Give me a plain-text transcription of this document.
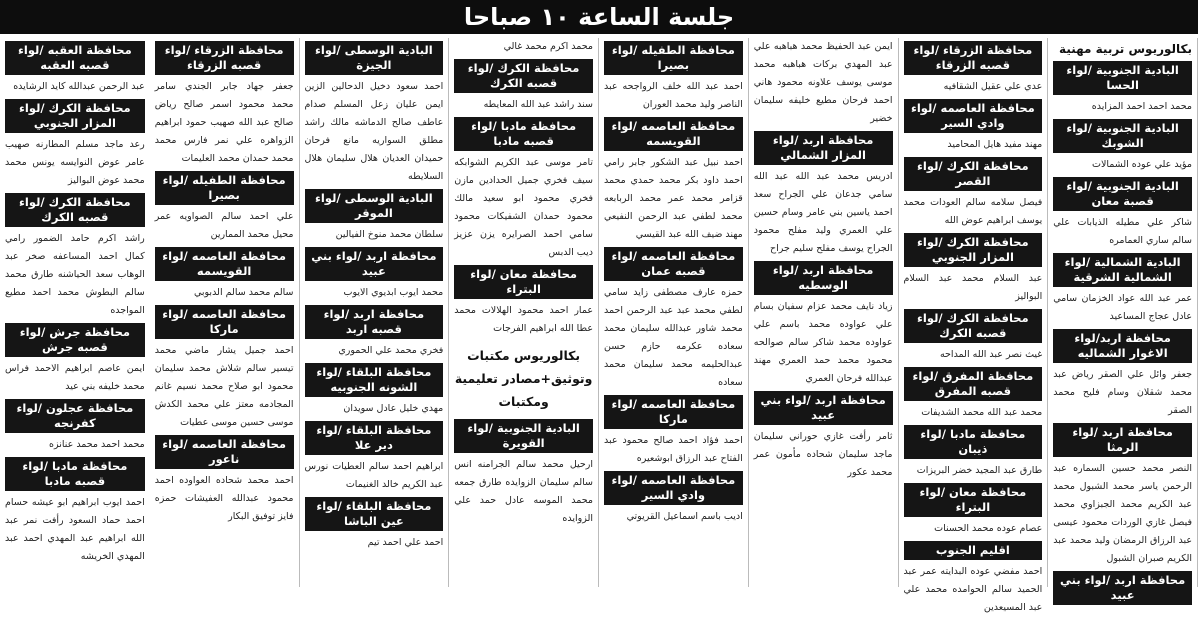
جلسة الساعة ١٠ صباحا
بكالوريوس تربية مهنية
البادية الجنوبية /لواء الحسا
محمد احمد احمد المزايده
البادية الجنوبية /لواء الشوبك
مؤيد علي عوده الشمالات
البادية الجنوبية /لواء قصبة معان
شاكر علي مطيله الذيابات علي سالم ساري العمامره
البادية الشمالية /لواء الشمالية الشرقية
عمر عبد الله عواد الخزمان سامي عادل عجاج المساعيد
محافظة اربد/لواء الاغوار الشماليه
جعفر وائل علي الصقر رياض عبد محمد شقلان وسام فليح محمد الصقر
محافظة اربد /لواء الرمثا
النصر محمد حسين السماره عبد الرحمن ياسر محمد الشبول محمد عبد الكريم محمد الجبزاوي محمد فيصل غازي الوردات محمود عيسى عبد الرزاق الرمضان وليد محمد عبد الكريم صبران الشبول
محافظة اربد /لواء بني عبيد
محافظة الزرقاء /لواء قصبه الزرقاء
عدي علي عقيل الشقافيه
محافظة العاصمه /لواء وادي السير
مهند مفيد هايل المحاميد
محافظة الكرك /لواء القصر
فيصل سلامه سالم العودات محمد يوسف ابراهيم عوض الله
محافظة الكرك /لواء المزار الجنوبي
عبد السلام محمد عبد السلام البواليز
محافظة الكرك /لواء قصبه الكرك
غيث نصر عبد الله المداحه
محافظة المفرق /لواء قصبه المفرق
محمد عبد الله محمد الشديفات
محافظة مادبا /لواء ذيبان
طارق عبد المجيد خضر البريزات
محافظة معان /لواء البتراء
عصام عوده محمد الحسنات
اقليم الجنوب
احمد مفضي عوده البدايته عمر عبد الحميد سالم الحوامده محمد علي عبد المسيعدين
ايمن عبد الحفيظ محمد هباهبه علي عبد المهدي بركات هباهبه محمد موسى يوسف علاونه محمود هاني احمد فرحان مطيع خليفه سليمان خضير
محافظة اربد /لواء المزار الشمالي
ادريس محمد عبد الله عبد الله سامي جدعان علي الجراح سعد احمد ياسين بني عامر وسام حسين علي العمري وليد مفلح محمود الجراح يوسف مفلح سليم جراح
محافظة اربد /لواء الوسطيه
زياد نايف محمد عزام سفيان بسام علي عواوده محمد باسم علي عواوده محمد شاكر سالم صوالحه محمود محمد حمد العمري مهند عبدالله فرحان العمري
محافظة اربد /لواء بني عبيد
ثامر رأفت غازي حوراني سليمان ماجد سليمان شحاده مأمون عمر محمد عكور
محافظة الطفيله /لواء بصيرا
احمد عبد الله خلف الرواجحه عبد الناصر وليد محمد العوران
محافظة العاصمه /لواء القويسمه
احمد نبيل عبد الشكور جابر رامي احمد داود بكر محمد حمدي محمد قزامر محمد عمر محمد الربابعه محمد لطفي عبد الرحمن النفيعي مهند ضيف الله عبد القيسي
محافظة العاصمه /لواء قصبه عمان
حمزه عارف مصطفى زايد سامي لطفي محمد عبد عبد الرحمن احمد محمد شاور عبدالله سليمان محمد سعاده عكرمه حازم حسن عبدالحليمه محمد سليمان محمد سعاده
محافظة العاصمه /لواء ماركا
احمد فؤاد احمد صالح محمود عبد الفتاح عبد الرزاق ابوشعيره
محافظة العاصمه /لواء وادي السير
اديب باسم اسماعيل القريوتي
محمد اكرم محمد غالي
محافظة الكرك /لواء قصبه الكرك
سند راشد عبد الله المعايطه
محافظة مادبا /لواء قصبه مادبا
تامر موسى عبد الكريم الشوابكه سيف فخري جميل الحدادين مازن فخري محمود ابو سعيد مالك محمود حمدان الشفيكات محمود سامي احمد الصرايره يزن عزيز ديب الدبس
محافظة معان /لواء البتراء
عمار احمد محمود الهلالات محمد عطا الله ابراهيم الفرجات
بكالوريوس مكتبات وتوثيق+مصادر تعليمية ومكتبات
البادية الجنوبية /لواء القويرة
ارحيل محمد سالم الجرامنه انس سالم سليمان الزوايده طارق جمعه محمد الموسه عادل حمد علي الزوايده
البادية الوسطى /لواء الجيزة
احمد سعود دخيل الدحالين الزين ايمن عليان زعل المسلم صدام عاطف صالح الدماشه مالك راشد مطلق السواريه مانع فرحان حميدان العديان هلال سليمان هلال السلايطه
البادية الوسطى /لواء الموقر
سلطان محمد منوخ الفيالين
محافظة اربد /لواء بني عبيد
محمد ايوب ابديوي الايوب
محافظة اربد /لواء قصبه اربد
فخري محمد علي الحموري
محافظة البلقاء /لواء الشونه الجنوبيه
مهدي خليل عادل سويدان
محافظة البلقاء /لواء دير علا
ابراهيم احمد سالم العطيات نورس عبد الكريم خالد الغنيمات
محافظة البلقاء /لواء عين الباشا
احمد علي احمد تيم
محافظة الزرقاء /لواء قصبه الزرقاء
جعفر جهاد جابر الجندي سامر محمد محمود اسمر صالح رياض صالح عبد الله صهيب حمود ابراهيم الزواهره علي نمر فارس محمد محمد حمدان محمد العليمات
محافظة الطفيله /لواء بصيرا
علي احمد سالم الصواويه عمر محيل محمد الممارين
محافظة العاصمه /لواء القويسمه
سالم محمد سالم الدبوبي
محافظة العاصمه /لواء ماركا
احمد جميل يشار ماضي محمد تيسير سالم شلاش محمد سليمان محمود ابو صلاح محمد نسيم غانم المجادمه معتز علي محمد الكدش موسى حسين موسى عطيات
محافظة العاصمه /لواء ناعور
احمد محمد شحاده العواوده احمد محمود عبدالله العفيشات حمزه فايز توفيق البكار
محافظة العقبه /لواء قصبه العقبه
عبد الرحمن عبدالله كايد الرشايده
محافظة الكرك /لواء المزار الجنوبي
رعد ماجد مسلم المطارنه صهيب عامر عوض النوايسه يونس محمد محمد عوض البواليز
محافظة الكرك /لواء قصبه الكرك
راشد اكرم حامد الضمور رامي كمال احمد المساعفه صخر عبد الوهاب سعد الحياشنه طارق محمد سالم البطوش محمد احمد مطيع المواجده
محافظة جرش /لواء قصبه جرش
ايمن عاصم ابراهيم الاحمد فراس محمد خليفه بني عيد
محافظة عجلون /لواء كفرنجه
محمد احمد محمد عنانزه
محافظة مادبا /لواء قصبه مادبا
احمد ايوب ابراهيم ابو عيشه حسام احمد حماد السعود رأفت نمر عبد الله ابراهيم عبد المهدي احمد عبد المهدي الخريشه
